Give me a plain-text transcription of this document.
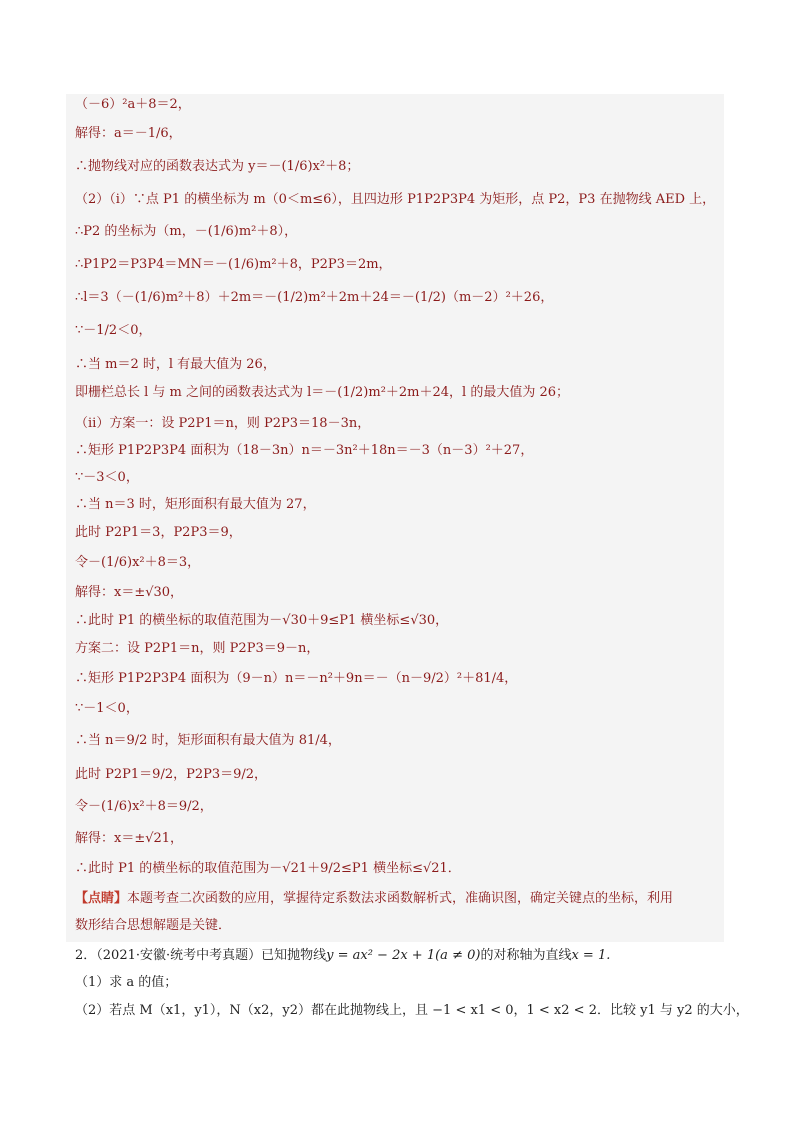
（－6）²a＋8＝2，
解得：a＝－1/6，
∴抛物线对应的函数表达式为 y＝－(1/6)x²＋8；
（2）（ⅰ）∵点 P1 的横坐标为 m（0＜m≤6），且四边形 P1P2P3P4 为矩形，点 P2，P3 在抛物线 AED 上，
∴P2 的坐标为（m，－(1/6)m²＋8），
∴P1P2＝P3P4＝MN＝－(1/6)m²＋8，P2P3＝2m，
∴l＝3（－(1/6)m²＋8）＋2m＝－(1/2)m²＋2m＋24＝－(1/2)（m－2）²＋26，
∵－1/2＜0，
∴当 m＝2 时，l 有最大值为 26，
即栅栏总长 l 与 m 之间的函数表达式为 l＝－(1/2)m²＋2m＋24，l 的最大值为 26；
（ⅱ）方案一：设 P2P1＝n，则 P2P3＝18－3n，
∴矩形 P1P2P3P4 面积为（18－3n）n＝－3n²＋18n＝－3（n－3）²＋27，
∵－3＜0，
∴当 n＝3 时，矩形面积有最大值为 27，
此时 P2P1＝3，P2P3＝9，
令－(1/6)x²＋8＝3，
解得：x＝±√30，
∴此时 P1 的横坐标的取值范围为－√30＋9≤P1 横坐标≤√30，
方案二：设 P2P1＝n，则 P2P3＝9－n，
∴矩形 P1P2P3P4 面积为（9－n）n＝－n²＋9n＝－（n－9/2）²＋81/4，
∵－1＜0，
∴当 n＝9/2 时，矩形面积有最大值为 81/4，
此时 P2P1＝9/2，P2P3＝9/2，
令－(1/6)x²＋8＝9/2，
解得：x＝±√21，
∴此时 P1 的横坐标的取值范围为－√21＋9/2≤P1 横坐标≤√21．
【点睛】本题考查二次函数的应用，掌握待定系数法求函数解析式，准确识图，确定关键点的坐标，利用
数形结合思想解题是关键．
2．（2021·安徽·统考中考真题）已知抛物线y = ax² − 2x + 1(a ≠ 0)的对称轴为直线x = 1.
（1）求 a 的值；
（2）若点 M（x1，y1），N（x2，y2）都在此抛物线上，且 −1 < x1 < 0，1 < x2 < 2．比较 y1 与 y2 的大小，
